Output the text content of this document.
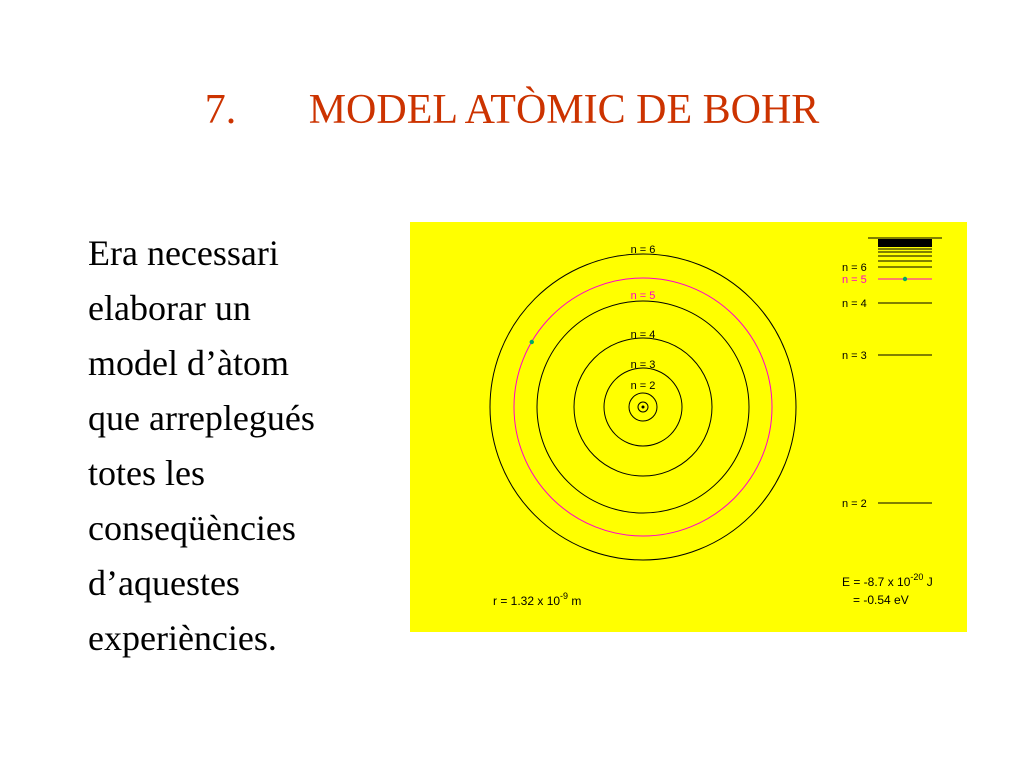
7. MODEL ATÒMIC DE BOHR
Era necessari
elaborar un
model d’àtom
que arreplegués
totes les
conseqüències
d’aquestes
experiències.
n = 2
n = 3
n = 4
n = 5
n = 6
n = 2
n = 3
n = 4
n = 5
n = 6
r = 1.32 x $10^{-9}$ m
E = -8.7 x $10^{-20}$ J
= -0.54 eV
